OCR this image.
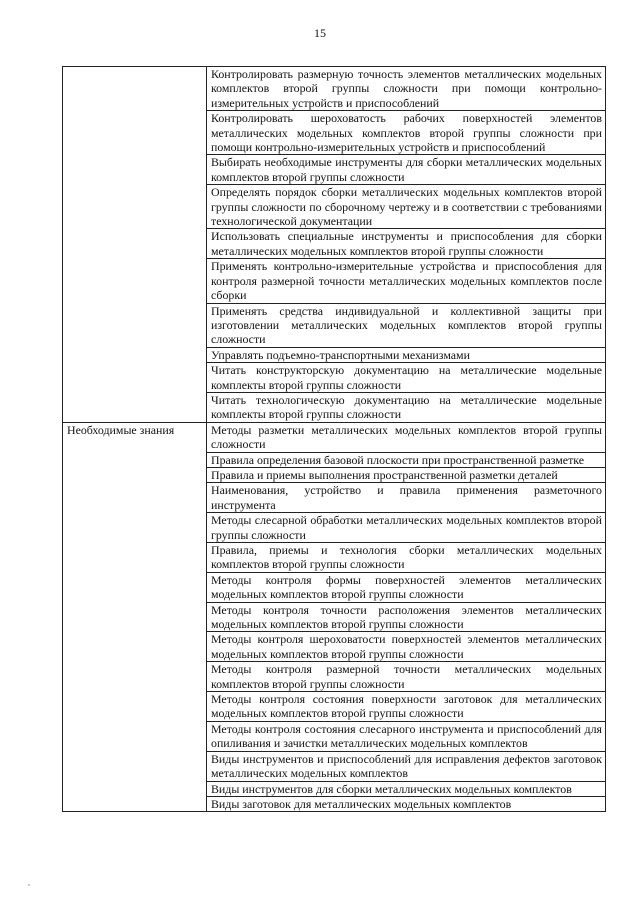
15
	Контролировать размерную точность элементов металлических модельных комплектов второй группы сложности при помощи контрольно-измерительных устройств и приспособлений
	Контролировать шероховатость рабочих поверхностей элементов металлических модельных комплектов второй группы сложности при помощи контрольно-измерительных устройств и приспособлений
	Выбирать необходимые инструменты для сборки металлических модельных комплектов второй группы сложности
	Определять порядок сборки металлических модельных комплектов второй группы сложности по сборочному чертежу и в соответствии с требованиями технологической документации
	Использовать специальные инструменты и приспособления для сборки металлических модельных комплектов второй группы сложности
	Применять контрольно-измерительные устройства и приспособления для контроля размерной точности металлических модельных комплектов после сборки
	Применять средства индивидуальной и коллективной защиты при изготовлении металлических модельных комплектов второй группы сложности
	Управлять подъемно-транспортными механизмами
	Читать конструкторскую документацию на металлические модельные комплекты второй группы сложности
	Читать технологическую документацию на металлические модельные комплекты второй группы сложности
Необходимые знания	Методы разметки металлических модельных комплектов второй группы сложности
	Правила определения базовой плоскости при пространственной разметке
	Правила и приемы выполнения пространственной разметки деталей
	Наименования, устройство и правила применения разметочного инструмента
	Методы слесарной обработки металлических модельных комплектов второй группы сложности
	Правила, приемы и технология сборки металлических модельных комплектов второй группы сложности
	Методы контроля формы поверхностей элементов металлических модельных комплектов второй группы сложности
	Методы контроля точности расположения элементов металлических модельных комплектов второй группы сложности
	Методы контроля шероховатости поверхностей элементов металлических модельных комплектов второй группы сложности
	Методы контроля размерной точности металлических модельных комплектов второй группы сложности
	Методы контроля состояния поверхности заготовок для металлических модельных комплектов второй группы сложности
	Методы контроля состояния слесарного инструмента и приспособлений для опиливания и зачистки металлических модельных комплектов
	Виды инструментов и приспособлений для исправления дефектов заготовок металлических модельных комплектов
	Виды инструментов для сборки металлических модельных комплектов
	Виды заготовок для металлических модельных комплектов
